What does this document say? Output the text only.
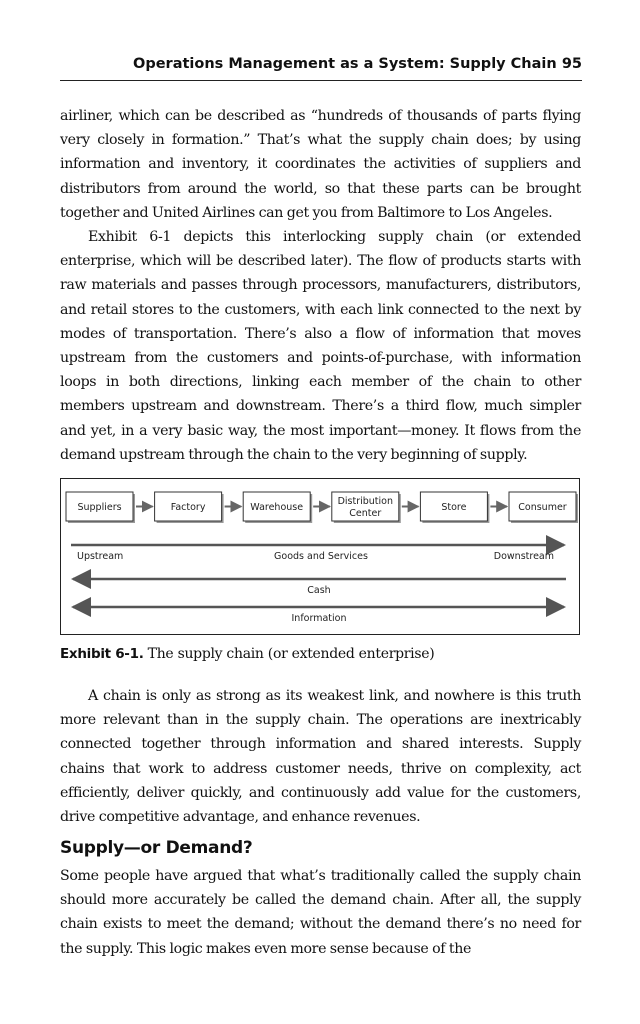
Operations Management as a System: Supply Chain 95

airliner, which can be described as “hundreds of thousands of parts flying very closely in formation.” That’s what the supply chain does; by using information and inventory, it coordinates the activities of suppliers and distributors from around the world, so that these parts can be brought together and United Airlines can get you from Baltimore to Los Angeles.

Exhibit 6-1 depicts this interlocking supply chain (or extended enterprise, which will be described later). The flow of products starts with raw materials and passes through processors, manufacturers, distributors, and retail stores to the customers, with each link connected to the next by modes of transportation. There’s also a flow of information that moves upstream from the customers and points-of-purchase, with information loops in both directions, linking each member of the chain to other members upstream and downstream. There’s a third flow, much simpler and yet, in a very basic way, the most important—money. It flows from the demand upstream through the chain to the very beginning of supply.

Suppliers	Factory	Warehouse
Distribution
Center
Store	Consumer
Upstream	Goods and Services	Downstream
Cash
Information
Exhibit 6-1. The supply chain (or extended enterprise)

A chain is only as strong as its weakest link, and nowhere is this truth more relevant than in the supply chain. The operations are inextricably connected together through information and shared interests. Supply chains that work to address customer needs, thrive on complexity, act efficiently, deliver quickly, and continuously add value for the customers, drive competitive advantage, and enhance revenues.

Supply—or Demand?

Some people have argued that what’s traditionally called the supply chain should more accurately be called the demand chain. After all, the supply chain exists to meet the demand; without the demand there’s no need for the supply. This logic makes even more sense because of the
